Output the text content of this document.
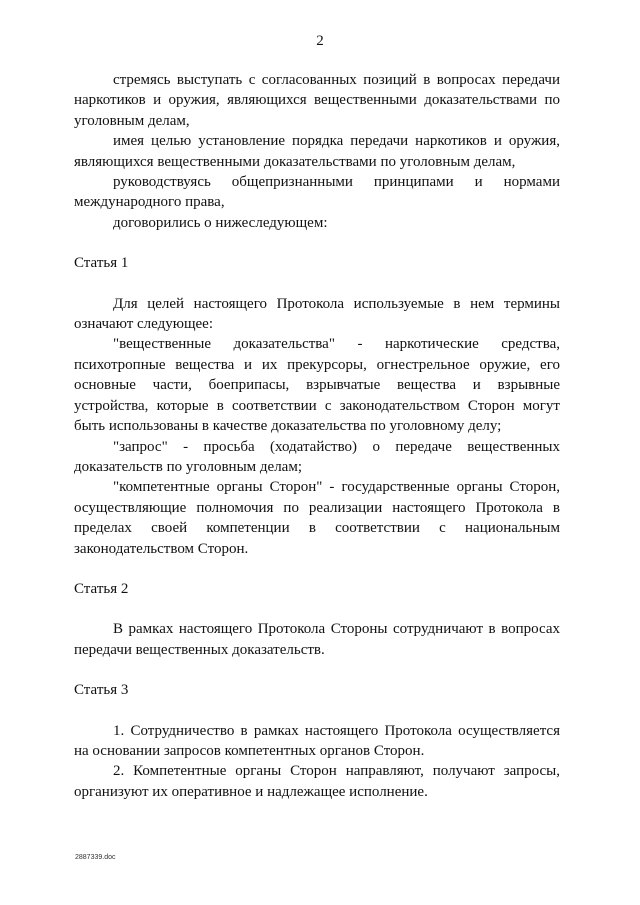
2

стремясь выступать с согласованных позиций в вопросах передачи наркотиков и оружия, являющихся вещественными доказательствами по уголовным делам,

имея целью установление порядка передачи наркотиков и оружия, являющихся вещественными доказательствами по уголовным делам,

руководствуясь общепризнанными принципами и нормами международного права,

договорились о нижеследующем:

Статья 1

Для целей настоящего Протокола используемые в нем термины означают следующее:

"вещественные доказательства" - наркотические средства, психотропные вещества и их прекурсоры, огнестрельное оружие, его основные части, боеприпасы, взрывчатые вещества и взрывные устройства, которые в соответствии с законодательством Сторон могут быть использованы в качестве доказательства по уголовному делу;

"запрос" - просьба (ходатайство) о передаче вещественных доказательств по уголовным делам;

"компетентные органы Сторон" - государственные органы Сторон, осуществляющие полномочия по реализации настоящего Протокола в пределах своей компетенции в соответствии с национальным законодательством Сторон.

Статья 2

В рамках настоящего Протокола Стороны сотрудничают в вопросах передачи вещественных доказательств.

Статья 3

1. Сотрудничество в рамках настоящего Протокола осуществляется на основании запросов компетентных органов Сторон.

2. Компетентные органы Сторон направляют, получают запросы, организуют их оперативное и надлежащее исполнение.

2887339.doc
